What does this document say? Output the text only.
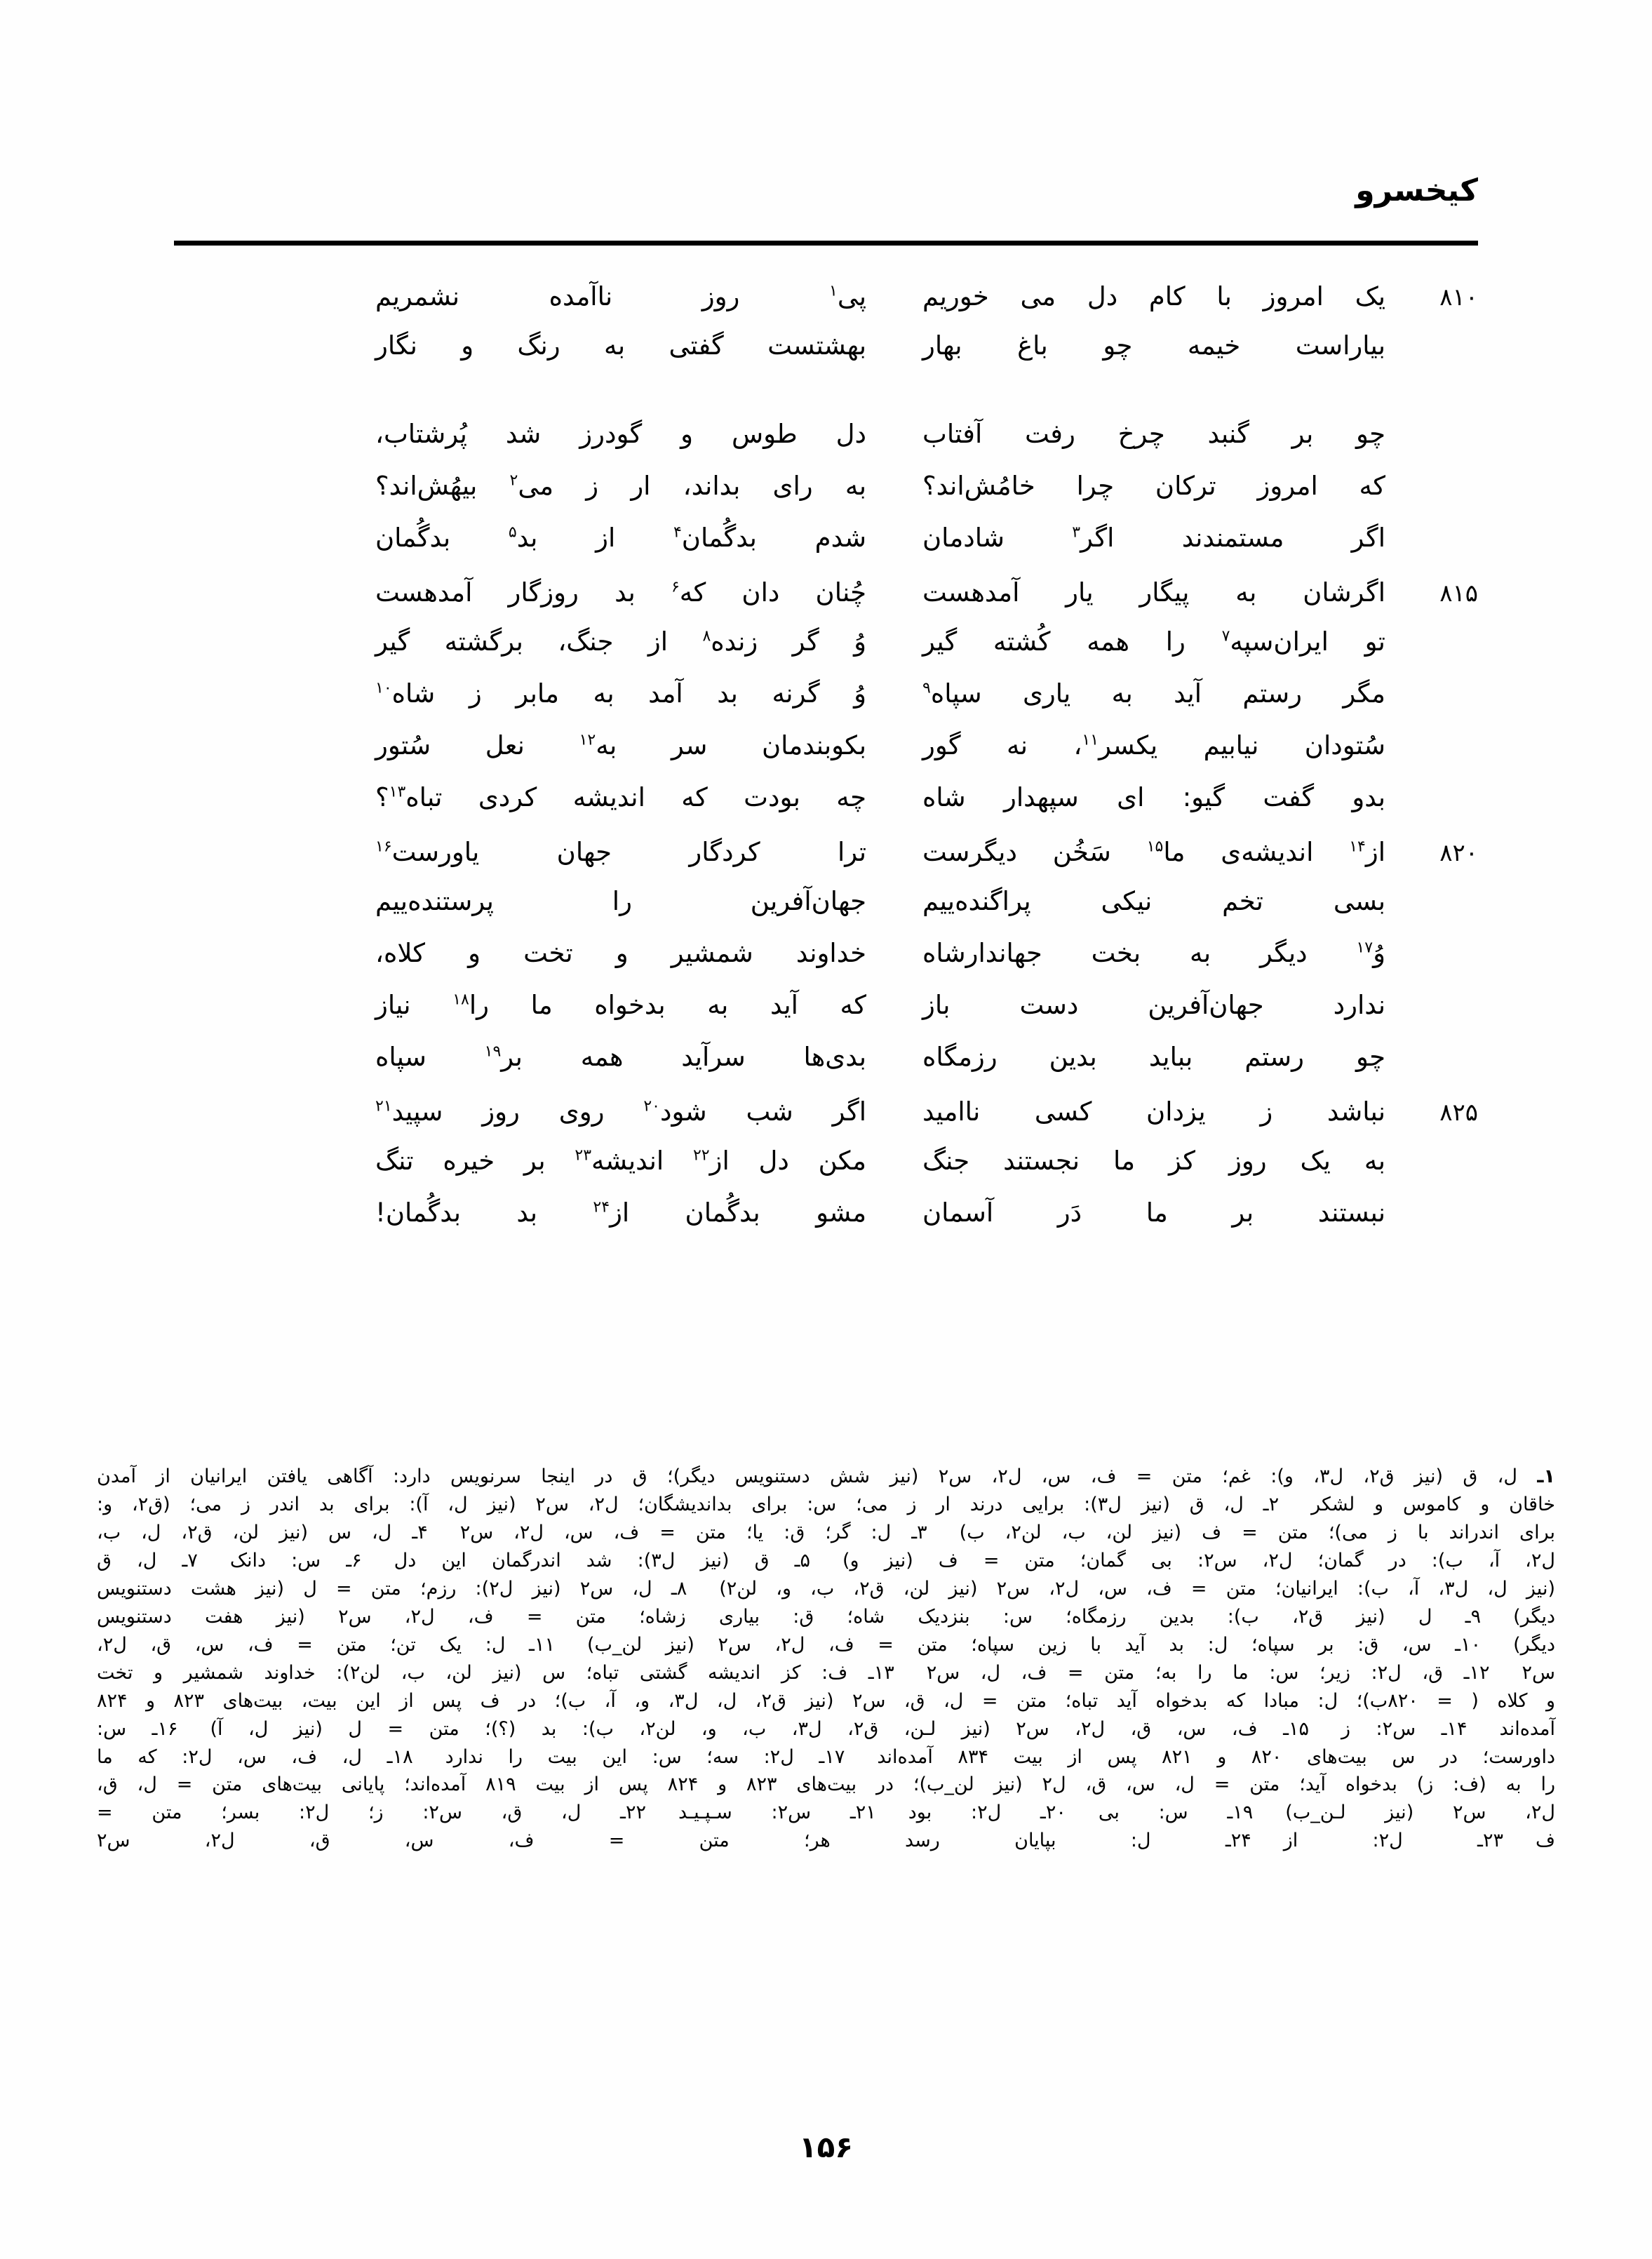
کیخسرو
۸۱۰
یک امروز با کام دل می خوریم
پی$^۱$ روز ناآمده نشمریم
بیاراست خیمه چو باغ بهار
بهشتست گفتی به رنگ و نگار
چو بر گنبد چرخ رفت آفتاب
دل طوس و گودرز شد پُرشتاب،
که امروز ترکان چرا خامُش‌اند؟
به رای بداند، ار ز می$^۲$ بیهُش‌اند؟
اگر مستمندند اگر$^۳$ شادمان
شدم بدگُمان$^۴$ از بد$^۵$ بدگُمان
۸۱۵
اگرشان به پیگار یار آمدهست
چُنان دان که$^۶$ بد روزگار آمدهست
تو ایران‌سپه$^۷$ را همه کُشته گیر
وُ گر زنده$^۸$ از جنگ، برگشته گیر
مگر رستم آید به یاری سپاه$^۹$
وُ گرنه بد آمد به مابر ز شاه$^{۱۰}$
سُتودان نیابیم یکسر$^{۱۱}$، نه گور
بکوبندمان سر به$^{۱۲}$ نعل سُتور
بدو گفت گیو: ای سپهدار شاه
چه بودت که اندیشه کردی تباه$^{۱۳}$؟
۸۲۰
از$^{۱۴}$ اندیشه‌ی ما$^{۱۵}$ سَخُن دیگرست
ترا کردگار جهان یاورست$^{۱۶}$
بسی تخم نیکی پراگنده‌ییم
جهان‌آفرین را پرستنده‌ییم
وُ$^{۱۷}$ دیگر به بخت جهاندارشاه
خداوند شمشیر و تخت و کلاه،
ندارد جهان‌آفرین دست باز
که آید به بدخواه ما را$^{۱۸}$ نیاز
چو رستم بباید بدین رزمگاه
بدی‌ها سرآید همه بر$^{۱۹}$ سپاه
۸۲۵
نباشد ز یزدان کسی ناامید
اگر شب شود$^{۲۰}$ روی روز سپید$^{۲۱}$
به یک روز کز ما نجستند جنگ
مکن دل از$^{۲۲}$ اندیشه$^{۲۳}$ بر خیره تنگ
نبستند بر ما دَر آسمان
مشو بدگُمان از$^{۲۴}$ بد بدگُمان!
۱ـ ل، ق (نیز ق۲، ل۳، و): غم؛ متن = ف، س، ل۲، س۲ (نیز شش دستنویس دیگر)؛ ق در اینجا سرنویس دارد: آگاهی یافتن ایرانیان از آمدن
خاقان و کاموس و لشکر۲ـ ل، ق (نیز ل۳): برایی درند ار ز می؛ س: برای بداندیشگان؛ ل۲، س۲ (نیز ل، آ): برای بد اندر ز می؛ (ق۲، و:
برای اندراند با ز می)؛ متن = ف (نیز لن، ب، لن۲، ب)۳ـ ل: گر؛ ق: یا؛ متن = ف، س، ل۲، س۲۴ـ ل، س (نیز لن، ق۲، ل، ب،
ل۲، آ، ب): در گمان؛ ل۲، س۲: بی گمان؛ متن = ف (نیز و)۵ـ ق (نیز ل۳): شد اندرگمان این دل۶ـ س: دانک۷ـ ل، ق
(نیز ل، ل۳، آ، ب): ایرانیان؛ متن = ف، س، ل۲، س۲ (نیز لن، ق۲، ب، و، لن۲)۸ـ ل، س۲ (نیز ل۲): رزم؛ متن = ل (نیز هشت دستنویس
دیگر)۹ـ ل (نیز ق۲، ب): بدین رزمگاه؛ س: بنزدیک شاه؛ ق: بیاری زشاه؛ متن = ف، ل۲، س۲ (نیز هفت دستنویس
دیگر)۱۰ـ س، ق: بر سپاه؛ ل: بد آید با زین سپاه؛ متن = ف، ل۲، س۲ (نیز لن_ب)۱۱ـ ل: یک تن؛ متن = ف، س، ق، ل۲،
س۲۱۲ـ ق، ل۲: زیر؛ س: ما را به؛ متن = ف، ل، س۲۱۳ـ ف: کز اندیشه گشتی تباه؛ س (نیز لن، ب، لن۲): خداوند شمشیر و تخت
و کلاه ( = ۸۲۰ب)؛ ل: مبادا که بدخواه آید تباه؛ متن = ل، ق، س۲ (نیز ق۲، ل، ل۳، و، آ، ب)؛ در ف پس از این بیت، بیت‌های ۸۲۳ و ۸۲۴
آمده‌اند۱۴ـ س۲: ز۱۵ـ ف، س، ق، ل۲، س۲ (نیز لـن، ق۲، ل۳، ب، و، لن۲، ب): بد (؟)؛ متن = ل (نیز ل، آ)۱۶ـ س:
داورست؛ در س بیت‌های ۸۲۰ و ۸۲۱ پس از بیت ۸۳۴ آمده‌اند۱۷ـ ل۲: سه؛ س: این بیت را ندارد۱۸ـ ل، ف، س، ل۲: که ما
را به (ف: ز) بدخواه آید؛ متن = ل، س، ق، ل۲ (نیز لن_ب)؛ در بیت‌های ۸۲۳ و ۸۲۴ پس از بیت ۸۱۹ آمده‌اند؛ پایانی بیت‌های متن = ل، ق،
ل۲، س۲ (نیز لـن_ب)۱۹ـ س: بی۲۰ـ ل۲: بود۲۱ـ س۲: سـپـیـد۲۲ـ ل، ق، س۲: ز؛ ل۲: بسر؛ متن =
ف۲۳ـ ل۲: از۲۴ـ ل: بپایان رسد هر؛ متن = ف، س، ق، ل۲، س۲
۱۵۶
